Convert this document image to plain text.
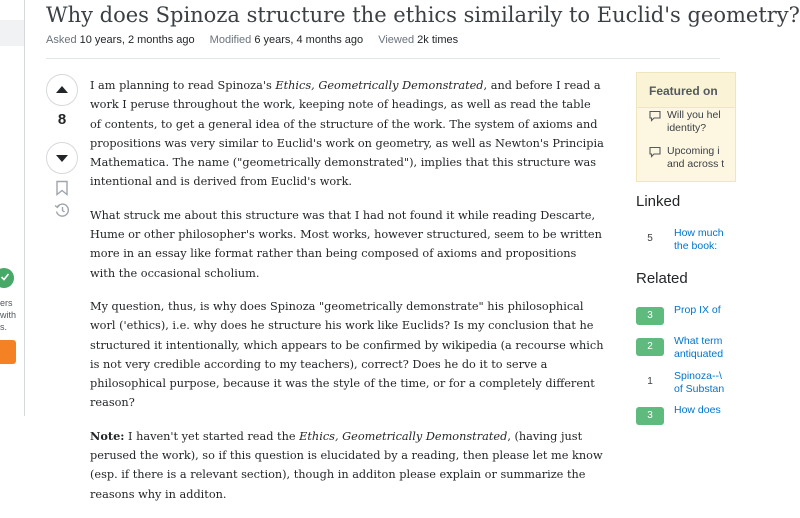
ers
with
s.
Why does Spinoza structure the ethics similarily to Euclid's geometry?
Asked 10 years, 2 months ago Modified 6 years, 4 months ago Viewed 2k times
8

I am planning to read Spinoza's Ethics, Geometrically Demonstrated, and before I read a work I peruse throughout the work, keeping note of headings, as well as read the table of contents, to get a general idea of the structure of the work. The system of axioms and propositions was very similar to Euclid's work on geometry, as well as Newton's Principia Mathematica. The name ("geometrically demonstrated"), implies that this structure was intentional and is derived from Euclid's work.

What struck me about this structure was that I had not found it while reading Descarte, Hume or other philosopher's works. Most works, however structured, seem to be written more in an essay like format rather than being composed of axioms and propositions with the occasional scholium.

My question, thus, is why does Spinoza "geometrically demonstrate" his philosophical worl ('ethics), i.e. why does he structure his work like Euclids? Is my conclusion that he structured it intentionally, which appears to be confirmed by wikipedia (a recourse which is not very credible according to my teachers), correct? Does he do it to serve a philosophical purpose, because it was the style of the time, or for a completely different reason?

Note: I haven't yet started read the Ethics, Geometrically Demonstrated, (having just perused the work), so if this question is elucidated by a reading, then please let me know (esp. if there is a relevant section), though in additon please explain or summarize the reasons why in additon.

Featured on
Will you hel
identity?
Upcoming i
and across t
Linked
5	How much
the book:
Related
3	Prop IX of
2	What term
antiquated
1	Spinoza--\
of Substan
3	How does
